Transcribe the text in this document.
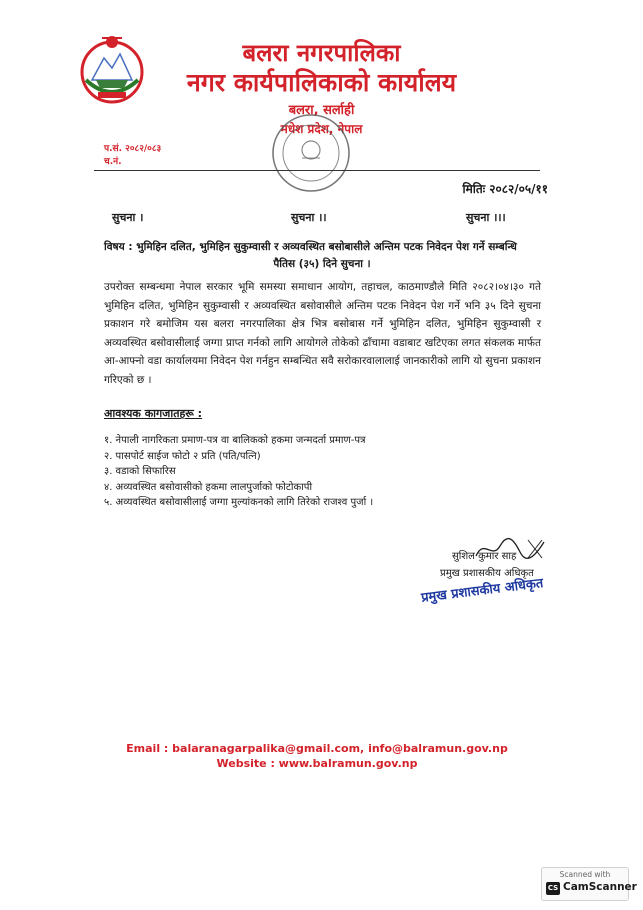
बलरा नगरपालिका
नगर कार्यपालिकाको कार्यालय
बलरा, सर्लाही
मधेश प्रदेश, नेपाल
प.सं. २०८२/०८३
च.नं.
मितिः २०८२/०५/११
सुचना ।	सुचना ।।	सुचना ।।।
विषय : भुमिहिन दलित, भुमिहिन सुकुम्वासी र अव्यवस्थित बसोबासीले अन्तिम पटक निवेदन पेश गर्ने सम्बन्धि
पैतिस (३५) दिने सुचना ।
उपरोक्त सम्बन्धमा नेपाल सरकार भूमि समस्या समाधान आयोग, तहाचल, काठमाण्डौले मिति २०८२।०४।३० गते भुमिहिन दलित, भुमिहिन सुकुम्वासी र अव्यवस्थित बसोवासीले अन्तिम पटक निवेदन पेश गर्ने भनि ३५ दिने सुचना प्रकाशन गरे बमोजिम यस बलरा नगरपालिका क्षेत्र भित्र बसोबास गर्ने भुमिहिन दलित, भुमिहिन सुकुम्वासी र अव्यवस्थित बसोवासीलाई जग्गा प्राप्त गर्नको लागि आयोगले तोकेको ढाँचामा वडाबाट खटिएका लगत संकलक मार्फत आ-आफ्नो वडा कार्यालयमा निवेदन पेश गर्नहुन सम्बन्धित सवै सरोकारवालालाई जानकारीको लागि यो सुचना प्रकाशन गरिएको छ ।
आवश्यक कागजातहरू :
१. नेपाली नागरिकता प्रमाण-पत्र वा बालिकको हकमा जन्मदर्ता प्रमाण-पत्र
२. पासपोर्ट साईज फोटो २ प्रति (पति/पत्नि)
३. वडाको सिफारिस
४. अव्यवस्थित बसोवासीको हकमा लालपुर्जाको फोटोकापी
५. अव्यवस्थित बसोवासीलाई जग्गा मुल्यांकनको लागि तिरेको राजश्व पुर्जा ।
सुशिल कुमार साह
प्रमुख प्रशासकीय अधिकृत
प्रमुख प्रशासकीय अधिकृत
Email : balaranagarpalika@gmail.com, info@balramun.gov.np
Website : www.balramun.gov.np
Scanned with
CS CamScanner
